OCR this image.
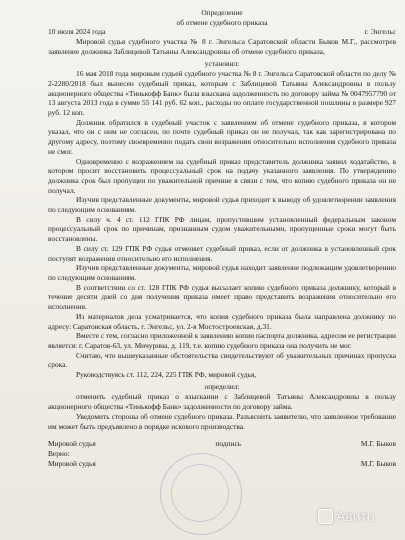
Определение
об отмене судебного приказа
10 июля 2024 года	г. Энгельс

Мировой судья судебного участка № 8 г. Энгельса Саратовской области Быков М.Г., рассмотрев заявление должника Заблицевой Татьяны Александровны об отмене судебного приказа,

установил:

16 мая 2018 года мировым судьей судебного участка № 8 г. Энгельса Саратовской области по делу № 2-2280/2018 был вынесен судебный приказ, которым с Заблицевой Татьяны Александровны в пользу акционерного общества «Тинькофф Банк» была взыскана задолженность по договору займа № 0047957790 от 13 августа 2013 года в сумме 55 141 руб. 62 коп., расходы по оплате государственной пошлины в размере 927 руб. 12 коп.

Должник обратился в судебный участок с заявлением об отмене судебного приказа, в котором указал, что он с ним не согласен, по почте судебный приказ он не получал, так как зарегистрирована по другому адресу, поэтому своевременно подать свои возражения относительно исполнения судебного приказа не смог.

Одновременно с возражением на судебный приказ представитель должника заявил ходатайство, в котором просит восстановить процессуальный срок на подачу указанного заявления. По утверждению должника срок был пропущен по уважительной причине в связи с тем, что копию судебного приказа он не получал.

Изучив представленные документы, мировой судья приходит к выводу об удовлетворении заявления по следующим основаниям.

В силу ч. 4 ст. 112 ГПК РФ лицам, пропустившим установленный федеральным законом процессуальный срок по причинам, признанным судом уважительными, пропущенные сроки могут быть восстановлены.

В силу ст. 129 ГПК РФ судья отменяет судебный приказ, если от должника в установленный срок поступят возражения относительно его исполнения.

Изучив представленные документы, мировой судья находит заявление подлежащим удовлетворению по следующим основаниям.

В соответствии со ст. 128 ГПК РФ судья высылает копию судебного приказа должнику, который в течение десяти дней со дня получения приказа имеет право представить возражения относительно его исполнения.

Из материалов дела усматривается, что копия судебного приказа была направлена должнику по адресу: Саратовская область, г. Энгельс, ул. 2-я Мостостроевская, д.31.

Вместе с тем, согласно приложенной к заявлению копии паспорта должника, адресом ее регистрации является: г. Саратов-63, ул. Мичурина, д. 119, т.е. копию судебного приказа она получить не мог.

Считаю, что вышеуказанные обстоятельства свидетельствуют об уважительных причинах пропуска срока.

Руководствуясь ст. 112, 224, 225 ГПК РФ, мировой судья,

определил:

отменить судебный приказ о взыскании с Заблицевой Татьяны Александровны в пользу акционерного общества «Тинькофф Банк» задолженности по договору займа.

Уведомить стороны об отмене судебного приказа. Разъяснить заявителю, что заявленное требование им может быть предъявлено в порядке искового производства.

Мировой судья	подпись	М.Г. Быков
Верно:
Мировой судья	М.Г. Быков
Авито
